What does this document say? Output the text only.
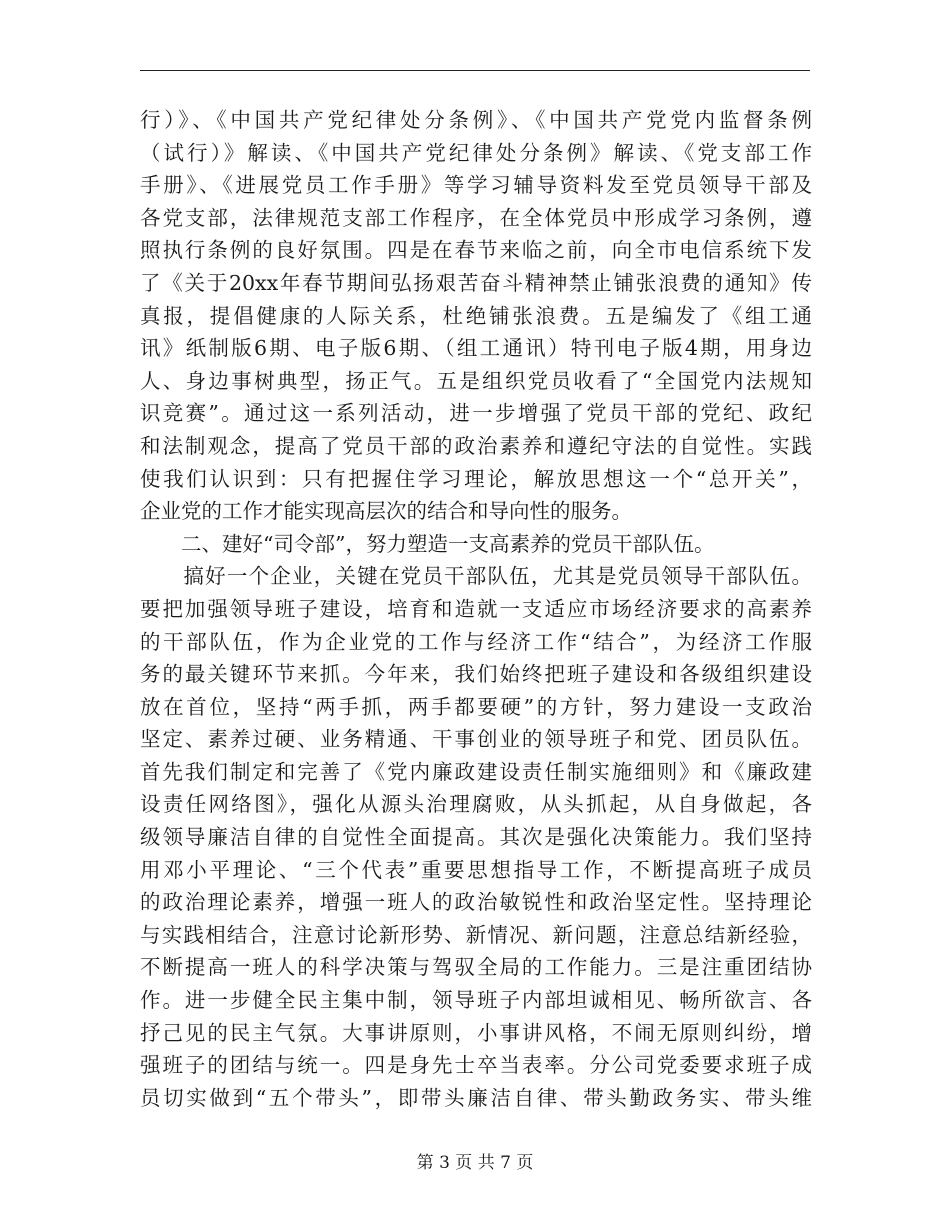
行）》、《中国共产党纪律处分条例》、《中国共产党党内监督条例
（试行）》解读、《中国共产党纪律处分条例》解读、《党支部工作
手册》、《进展党员工作手册》等学习辅导资料发至党员领导干部及
各党支部，法律规范支部工作程序，在全体党员中形成学习条例，遵
照执行条例的良好氛围。四是在春节来临之前，向全市电信系统下发
了《关于20xx年春节期间弘扬艰苦奋斗精神禁止铺张浪费的通知》传
真报，提倡健康的人际关系，杜绝铺张浪费。五是编发了《组工通
讯》纸制版6期、电子版6期、（组工通讯）特刊电子版4期，用身边
人、身边事树典型，扬正气。五是组织党员收看了“全国党内法规知
识竞赛”。通过这一系列活动，进一步增强了党员干部的党纪、政纪
和法制观念，提高了党员干部的政治素养和遵纪守法的自觉性。实践
使我们认识到：只有把握住学习理论，解放思想这一个“总开关”，
企业党的工作才能实现高层次的结合和导向性的服务。
　　二、建好“司令部”，努力塑造一支高素养的党员干部队伍。
　　搞好一个企业，关键在党员干部队伍，尤其是党员领导干部队伍。
要把加强领导班子建设，培育和造就一支适应市场经济要求的高素养
的干部队伍，作为企业党的工作与经济工作“结合”，为经济工作服
务的最关键环节来抓。今年来，我们始终把班子建设和各级组织建设
放在首位，坚持“两手抓，两手都要硬”的方针，努力建设一支政治
坚定、素养过硬、业务精通、干事创业的领导班子和党、团员队伍。
首先我们制定和完善了《党内廉政建设责任制实施细则》和《廉政建
设责任网络图》，强化从源头治理腐败，从头抓起，从自身做起，各
级领导廉洁自律的自觉性全面提高。其次是强化决策能力。我们坚持
用邓小平理论、“三个代表”重要思想指导工作，不断提高班子成员
的政治理论素养，增强一班人的政治敏锐性和政治坚定性。坚持理论
与实践相结合，注意讨论新形势、新情况、新问题，注意总结新经验，
不断提高一班人的科学决策与驾驭全局的工作能力。三是注重团结协
作。进一步健全民主集中制，领导班子内部坦诚相见、畅所欲言、各
抒己见的民主气氛。大事讲原则，小事讲风格，不闹无原则纠纷，增
强班子的团结与统一。四是身先士卒当表率。分公司党委要求班子成
员切实做到“五个带头”，即带头廉洁自律、带头勤政务实、带头维
第 3 页 共 7 页
